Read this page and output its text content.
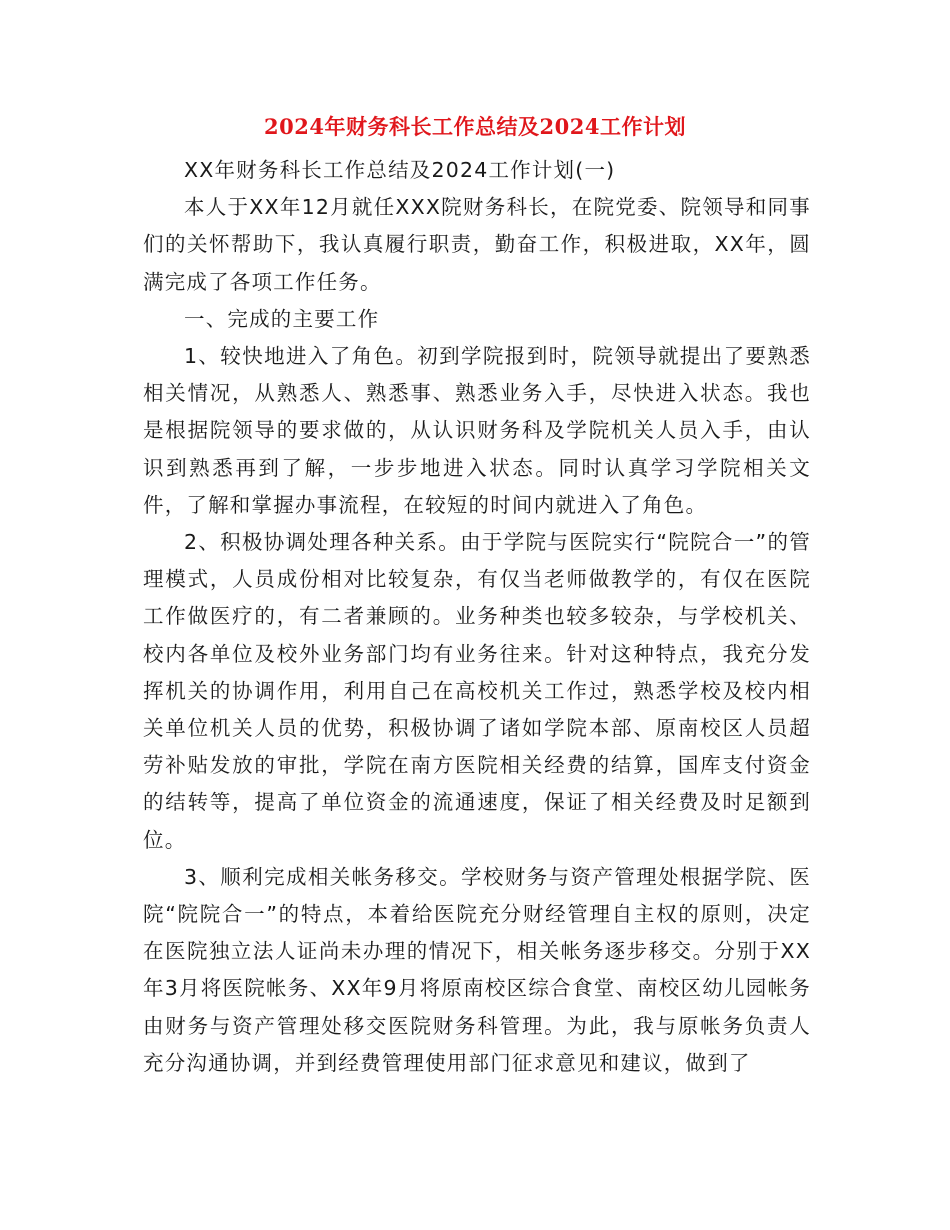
2024年财务科长工作总结及2024工作计划

XX年财务科长工作总结及2024工作计划(一)

本人于XX年12月就任XXX院财务科长，在院党委、院领导和同事们的关怀帮助下，我认真履行职责，勤奋工作，积极进取，XX年，圆满完成了各项工作任务。

一、完成的主要工作

1、较快地进入了角色。初到学院报到时，院领导就提出了要熟悉相关情况，从熟悉人、熟悉事、熟悉业务入手，尽快进入状态。我也是根据院领导的要求做的，从认识财务科及学院机关人员入手，由认识到熟悉再到了解，一步步地进入状态。同时认真学习学院相关文件，了解和掌握办事流程，在较短的时间内就进入了角色。

2、积极协调处理各种关系。由于学院与医院实行“院院合一”的管理模式，人员成份相对比较复杂，有仅当老师做教学的，有仅在医院工作做医疗的，有二者兼顾的。业务种类也较多较杂，与学校机关、校内各单位及校外业务部门均有业务往来。针对这种特点，我充分发挥机关的协调作用，利用自己在高校机关工作过，熟悉学校及校内相关单位机关人员的优势，积极协调了诸如学院本部、原南校区人员超劳补贴发放的审批，学院在南方医院相关经费的结算，国库支付资金的结转等，提高了单位资金的流通速度，保证了相关经费及时足额到位。

3、顺利完成相关帐务移交。学校财务与资产管理处根据学院、医院“院院合一”的特点，本着给医院充分财经管理自主权的原则，决定在医院独立法人证尚未办理的情况下，相关帐务逐步移交。分别于XX年3月将医院帐务、XX年9月将原南校区综合食堂、南校区幼儿园帐务由财务与资产管理处移交医院财务科管理。为此，我与原帐务负责人充分沟通协调，并到经费管理使用部门征求意见和建议，做到了
